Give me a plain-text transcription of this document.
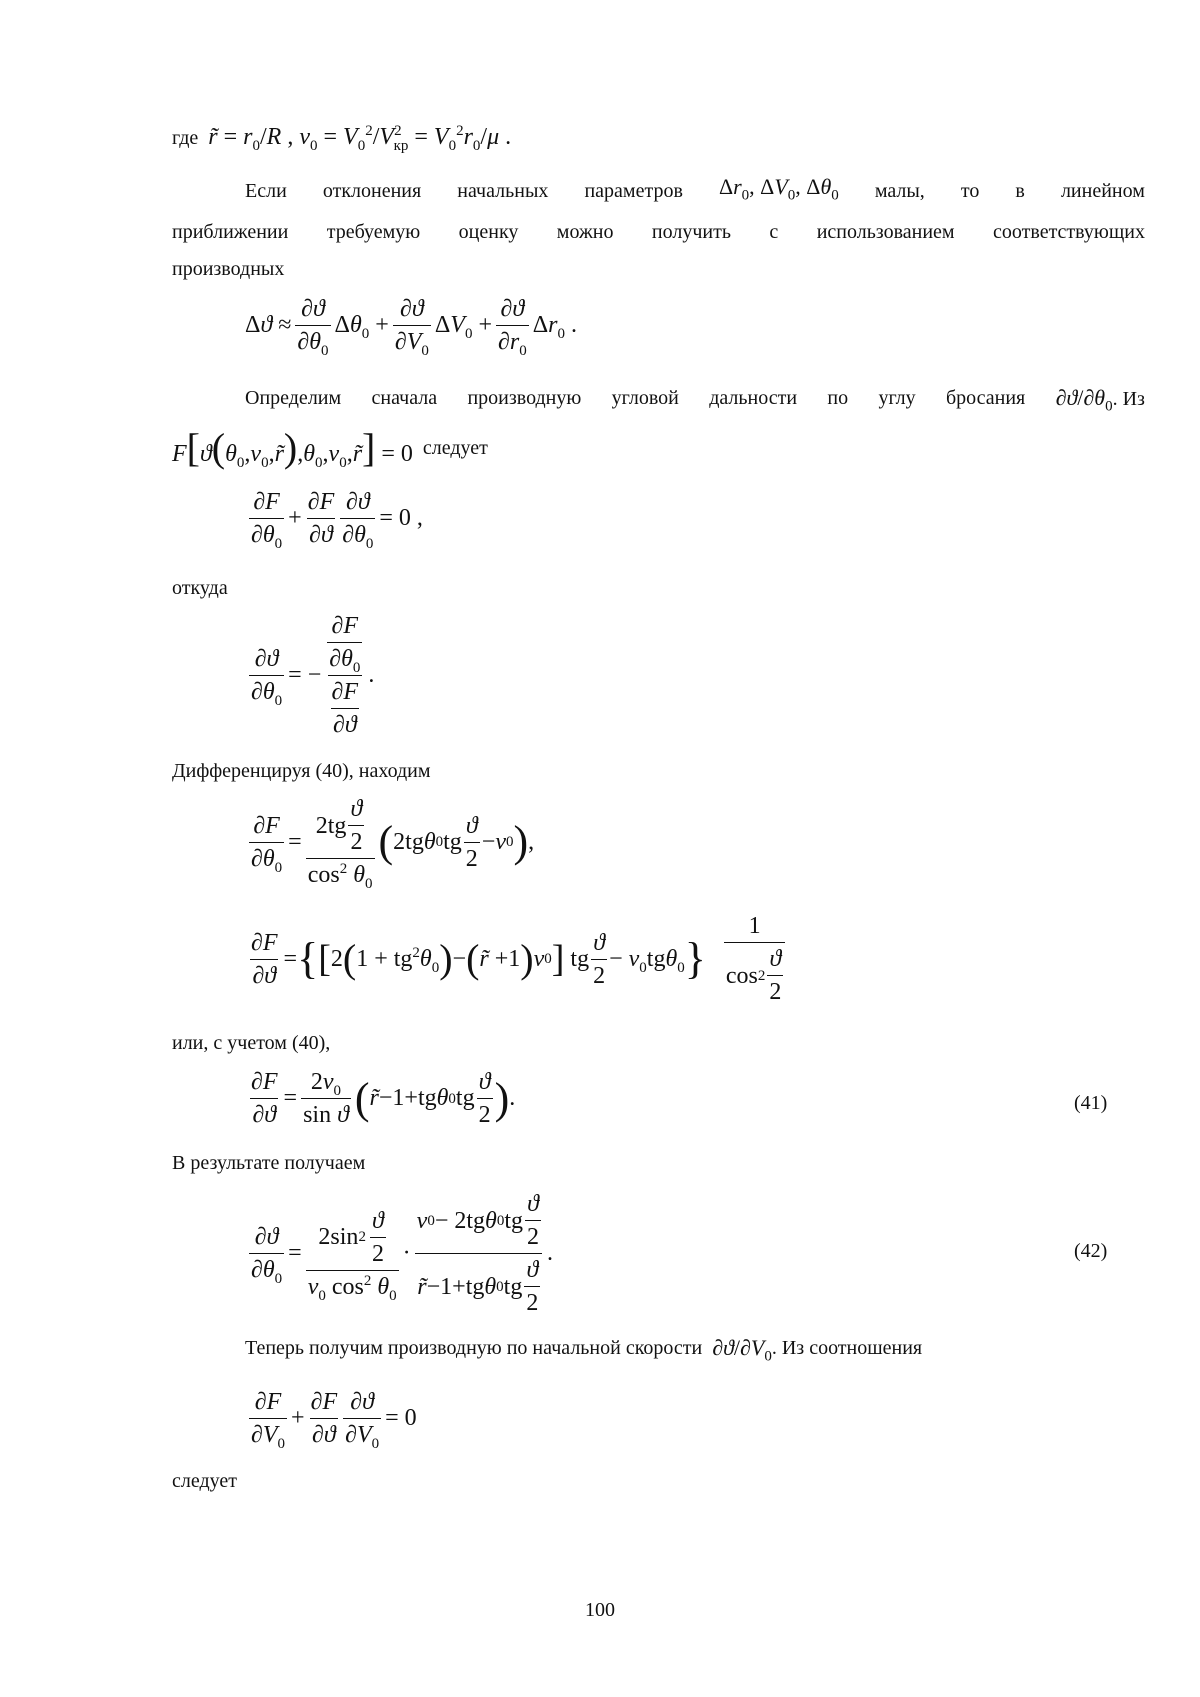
где r̃ = $r_0/R$ , $\nu_0 = V_0^2/V^2_{кр} = V_0^2r_0/\mu$ .
Если отклонения начальных параметров $\Delta r_0$, $\Delta V_0$, $\Delta\theta_0$ малы, то в линейном
приближении требуемую оценку можно получить с использованием соответствующих
производных
$\Delta ϑ \approx \frac{\partial ϑ}{\partial\theta_0} \Delta\theta_0 + \frac{\partial ϑ}{\partial V_0} \Delta V_0 + \frac{\partial ϑ}{\partial r_0} \Delta r_0$ .
Определим сначала производную угловой дальности по углу бросания $\partial ϑ/\partial\theta_0$. Из
$F[ϑ(\theta_0,\nu_0,r̃),\theta_0,\nu_0,r̃] = 0$ следует
$\frac{\partial F}{\partial\theta_0} + \frac{\partial F}{\partial ϑ} \frac{\partial ϑ}{\partial\theta_0} = 0$ ,
откуда
$\frac{\partial ϑ}{\partial\theta_0}$ = − $\frac{\frac{\partial F}{\partial\theta_0}}{\frac{\partial F}{\partial ϑ}}$ .
Дифференцируя (40), находим
$\frac{\partial F}{\partial\theta_0} = \frac{2tg \frac{ϑ}{2}}{\cos^2 \theta_0}$ ( 2tg θ 0 tg $\frac{ϑ}{2} - \nu$ 0 ) ,
$\frac{\partial F}{\partial ϑ}$ = { [ 2 ( $1 + tg^2\theta_0$ ) − ( r̃ +1 ) ν 0 ] tg $\frac{ϑ}{2} - \nu_0tg\theta_0$ } $\frac{1}{\cos 2 \frac{ϑ}{2}}$
или, с учетом (40),
$\frac{\partial F}{\partial ϑ} = \frac{2\nu_0}{\text{sin ϑ}}$ ( r̃ −1+tg θ 0 tg $\frac{ϑ}{2}$ ) .	(41)
В результате получаем
$\frac{\partial ϑ}{\partial\theta_0} = \frac{2\sin 2 \frac{ϑ}{2}}{\nu_0 \cos^2 \theta_0} \cdot \frac{\nu 0 - 2tg \theta 0 tg \frac{ϑ}{2}}{r̃ -1+tg \theta 0 tg \frac{ϑ}{2}}$ .	(42)
Теперь получим производную по начальной скорости $\partial ϑ/\partial V_0$ . Из соотношения
$\frac{\partial F}{\partial V_0} + \frac{\partial F}{\partial ϑ} \frac{\partial ϑ}{\partial V_0} = 0$
следует
100
